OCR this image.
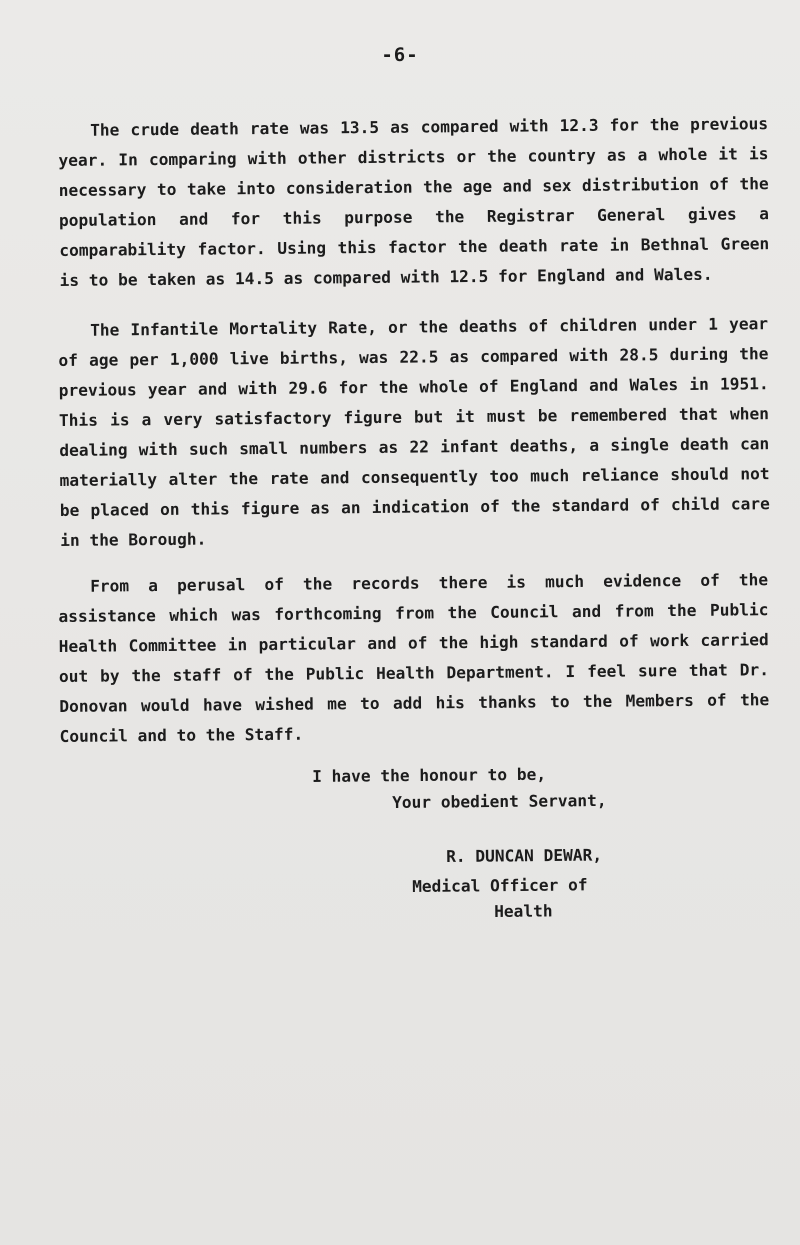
-6-

The crude death rate was 13.5 as compared with 12.3 for the previous year. In comparing with other districts or the country as a whole it is necessary to take into consideration the age and sex distribution of the population and for this purpose the Registrar General gives a comparability factor. Using this factor the death rate in Bethnal Green is to be taken as 14.5 as compared with 12.5 for England and Wales.

The Infantile Mortality Rate, or the deaths of children under 1 year of age per 1,000 live births, was 22.5 as compared with 28.5 during the previous year and with 29.6 for the whole of England and Wales in 1951. This is a very satisfactory figure but it must be remembered that when dealing with such small numbers as 22 infant deaths, a single death can materially alter the rate and consequently too much reliance should not be placed on this figure as an indication of the standard of child care in the Borough.

From a perusal of the records there is much evidence of the assistance which was forthcoming from the Council and from the Public Health Committee in particular and of the high standard of work carried out by the staff of the Public Health Department. I feel sure that Dr. Donovan would have wished me to add his thanks to the Members of the Council and to the Staff.

I have the honour to be,
Your obedient Servant,
R. DUNCAN DEWAR,
Medical Officer of
Health
